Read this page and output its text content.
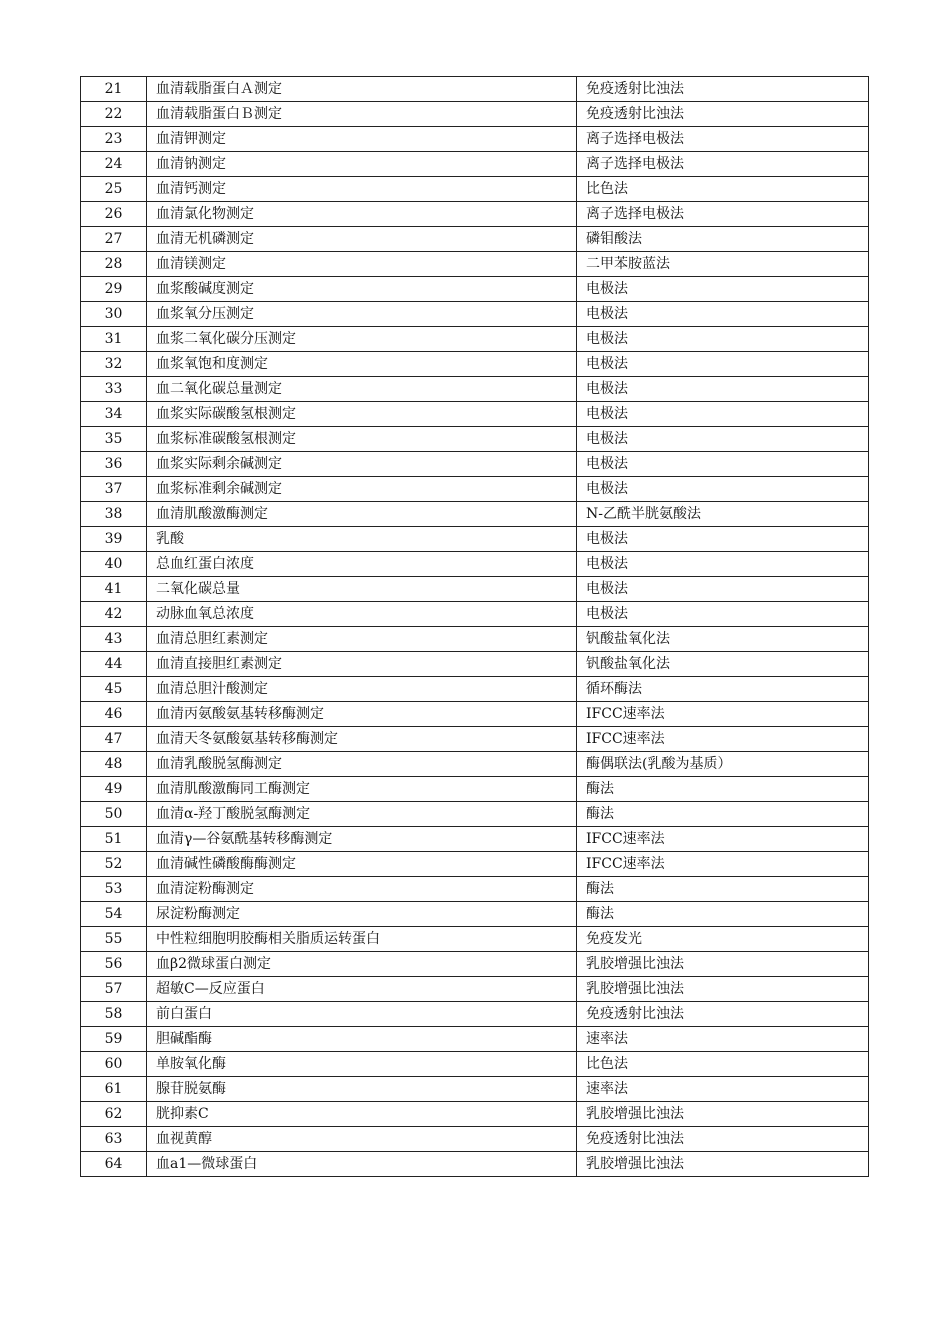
21	血清载脂蛋白Ａ测定	免疫透射比浊法
22	血清载脂蛋白Ｂ测定	免疫透射比浊法
23	血清钾测定	离子选择电极法
24	血清钠测定	离子选择电极法
25	血清钙测定	比色法
26	血清氯化物测定	离子选择电极法
27	血清无机磷测定	磷钼酸法
28	血清镁测定	二甲苯胺蓝法
29	血浆酸碱度测定	电极法
30	血浆氧分压测定	电极法
31	血浆二氧化碳分压测定	电极法
32	血浆氧饱和度测定	电极法
33	血二氧化碳总量测定	电极法
34	血浆实际碳酸氢根测定	电极法
35	血浆标准碳酸氢根测定	电极法
36	血浆实际剩余碱测定	电极法
37	血浆标准剩余碱测定	电极法
38	血清肌酸激酶测定	N-乙酰半胱氨酸法
39	乳酸	电极法
40	总血红蛋白浓度	电极法
41	二氧化碳总量	电极法
42	动脉血氧总浓度	电极法
43	血清总胆红素测定	钒酸盐氧化法
44	血清直接胆红素测定	钒酸盐氧化法
45	血清总胆汁酸测定	循环酶法
46	血清丙氨酸氨基转移酶测定	IFCC速率法
47	血清天冬氨酸氨基转移酶测定	IFCC速率法
48	血清乳酸脱氢酶测定	酶偶联法(乳酸为基质）
49	血清肌酸激酶同工酶测定	酶法
50	血清α-羟丁酸脱氢酶测定	酶法
51	血清γ—谷氨酰基转移酶测定	IFCC速率法
52	血清碱性磷酸酶酶测定	IFCC速率法
53	血清淀粉酶测定	酶法
54	尿淀粉酶测定	酶法
55	中性粒细胞明胶酶相关脂质运转蛋白	免疫发光
56	血β2微球蛋白测定	乳胶增强比浊法
57	超敏C—反应蛋白	乳胶增强比浊法
58	前白蛋白	免疫透射比浊法
59	胆碱酯酶	速率法
60	单胺氧化酶	比色法
61	腺苷脱氨酶	速率法
62	胱抑素C	乳胶增强比浊法
63	血视黄醇	免疫透射比浊法
64	血a1—微球蛋白	乳胶增强比浊法
